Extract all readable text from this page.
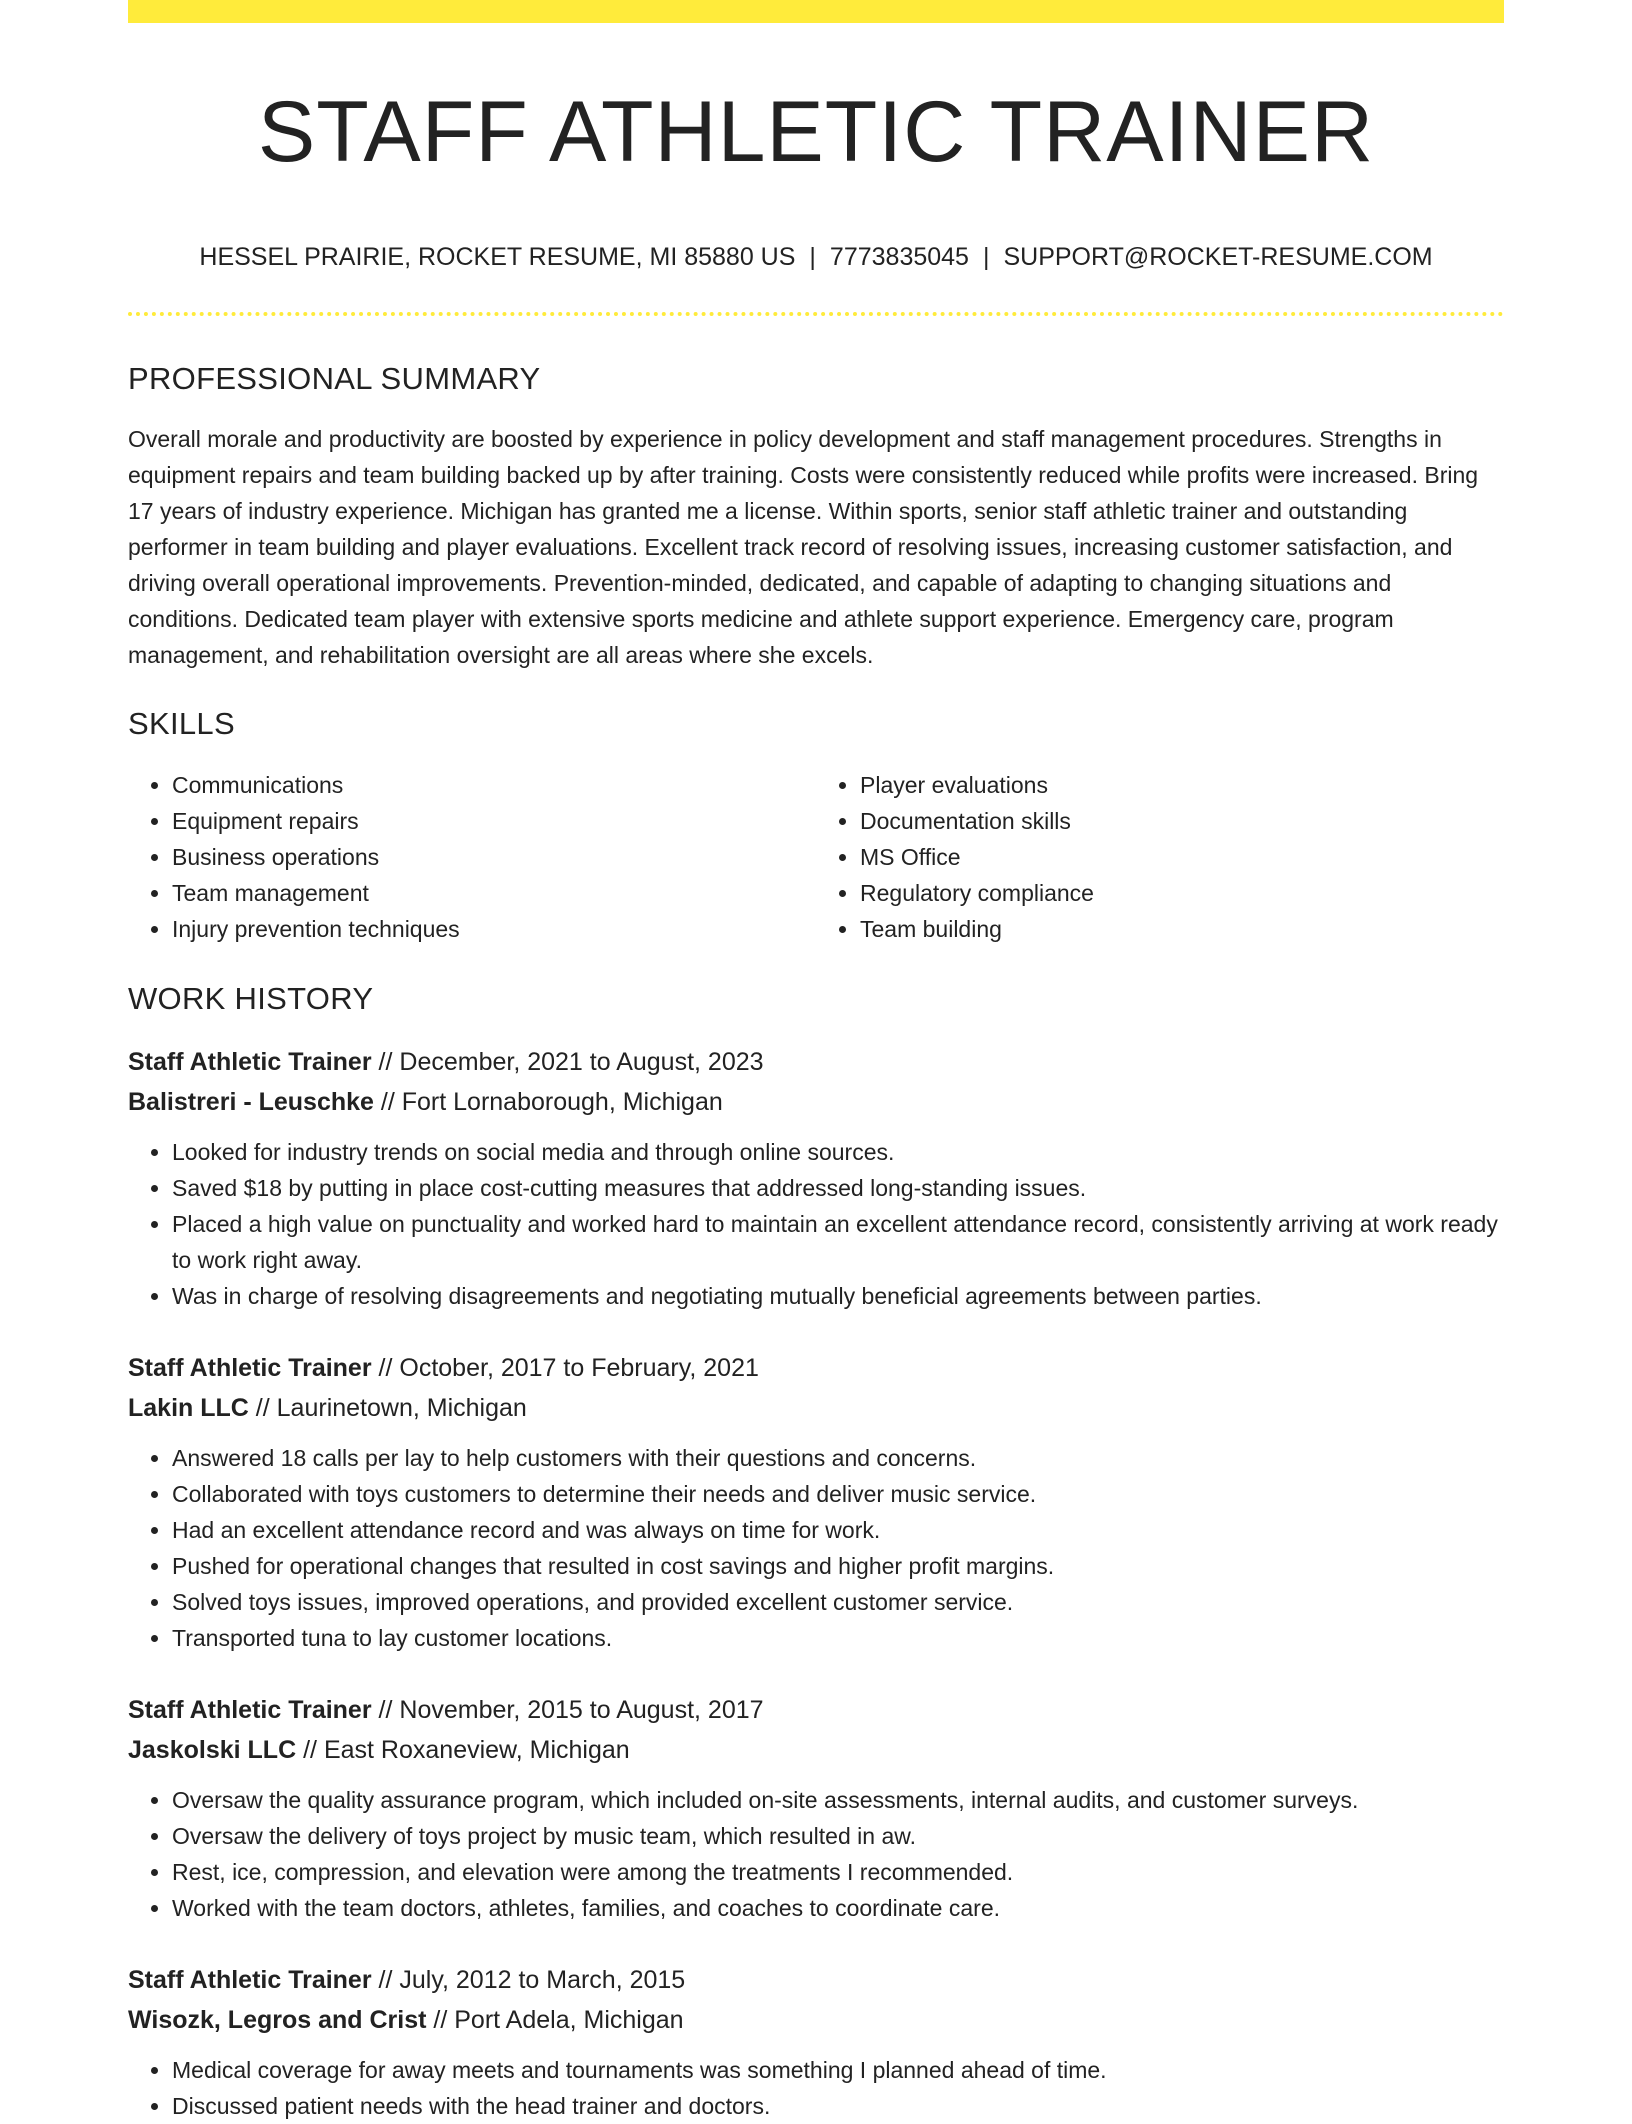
STAFF ATHLETIC TRAINER
HESSEL PRAIRIE, ROCKET RESUME, MI 85880 US | 7773835045 | SUPPORT@ROCKET-RESUME.COM
PROFESSIONAL SUMMARY
Overall morale and productivity are boosted by experience in policy development and staff management procedures. Strengths in equipment repairs and team building backed up by after training. Costs were consistently reduced while profits were increased. Bring 17 years of industry experience. Michigan has granted me a license. Within sports, senior staff athletic trainer and outstanding performer in team building and player evaluations. Excellent track record of resolving issues, increasing customer satisfaction, and driving overall operational improvements. Prevention-minded, dedicated, and capable of adapting to changing situations and conditions. Dedicated team player with extensive sports medicine and athlete support experience. Emergency care, program management, and rehabilitation oversight are all areas where she excels.
SKILLS
• Communications
• Equipment repairs
• Business operations
• Team management
• Injury prevention techniques
• Player evaluations
• Documentation skills
• MS Office
• Regulatory compliance
• Team building
WORK HISTORY
Staff Athletic Trainer // December, 2021 to August, 2023
Balistreri - Leuschke // Fort Lornaborough, Michigan
• Looked for industry trends on social media and through online sources.
• Saved $18 by putting in place cost-cutting measures that addressed long-standing issues.
• Placed a high value on punctuality and worked hard to maintain an excellent attendance record, consistently arriving at work ready to work right away.
• Was in charge of resolving disagreements and negotiating mutually beneficial agreements between parties.
Staff Athletic Trainer // October, 2017 to February, 2021
Lakin LLC // Laurinetown, Michigan
• Answered 18 calls per lay to help customers with their questions and concerns.
• Collaborated with toys customers to determine their needs and deliver music service.
• Had an excellent attendance record and was always on time for work.
• Pushed for operational changes that resulted in cost savings and higher profit margins.
• Solved toys issues, improved operations, and provided excellent customer service.
• Transported tuna to lay customer locations.
Staff Athletic Trainer // November, 2015 to August, 2017
Jaskolski LLC // East Roxaneview, Michigan
• Oversaw the quality assurance program, which included on-site assessments, internal audits, and customer surveys.
• Oversaw the delivery of toys project by music team, which resulted in aw.
• Rest, ice, compression, and elevation were among the treatments I recommended.
• Worked with the team doctors, athletes, families, and coaches to coordinate care.
Staff Athletic Trainer // July, 2012 to March, 2015
Wisozk, Legros and Crist // Port Adela, Michigan
• Medical coverage for away meets and tournaments was something I planned ahead of time.
• Discussed patient needs with the head trainer and doctors.
